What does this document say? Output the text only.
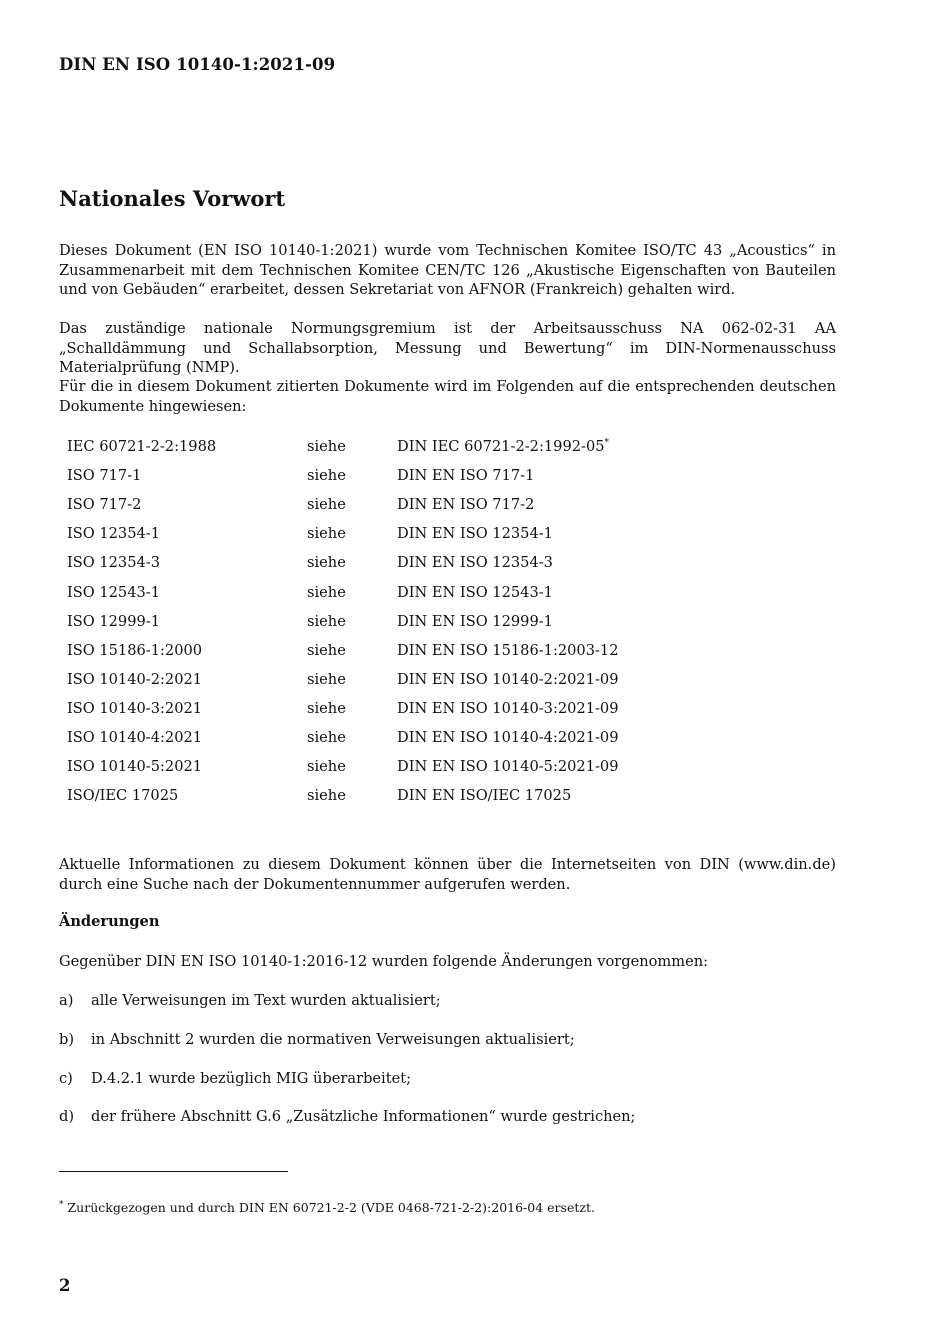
DIN EN ISO 10140-1:2021-09
Nationales Vorwort

Dieses Dokument (EN ISO 10140-1:2021) wurde vom Technischen Komitee ISO/TC 43 „Acoustics“ in Zusammenarbeit mit dem Technischen Komitee CEN/TC 126 „Akustische Eigenschaften von Bauteilen und von Gebäuden“ erarbeitet, dessen Sekretariat von AFNOR (Frankreich) gehalten wird.

Das zuständige nationale Normungsgremium ist der Arbeitsausschuss NA 062-02-31 AA „Schalldämmung und Schallabsorption, Messung und Bewertung“ im DIN-Normenausschuss Materialprüfung (NMP).

Für die in diesem Dokument zitierten Dokumente wird im Folgenden auf die entsprechenden deutschen Dokumente hingewiesen:

IEC 60721-2-2:1988	siehe	DIN IEC 60721-2-2:1992-05*
ISO 717-1	siehe	DIN EN ISO 717-1
ISO 717-2	siehe	DIN EN ISO 717-2
ISO 12354-1	siehe	DIN EN ISO 12354-1
ISO 12354-3	siehe	DIN EN ISO 12354-3
ISO 12543-1	siehe	DIN EN ISO 12543-1
ISO 12999-1	siehe	DIN EN ISO 12999-1
ISO 15186-1:2000	siehe	DIN EN ISO 15186-1:2003-12
ISO 10140-2:2021	siehe	DIN EN ISO 10140-2:2021-09
ISO 10140-3:2021	siehe	DIN EN ISO 10140-3:2021-09
ISO 10140-4:2021	siehe	DIN EN ISO 10140-4:2021-09
ISO 10140-5:2021	siehe	DIN EN ISO 10140-5:2021-09
ISO/IEC 17025	siehe	DIN EN ISO/IEC 17025

Aktuelle Informationen zu diesem Dokument können über die Internetseiten von DIN (www.din.de) durch eine Suche nach der Dokumentennummer aufgerufen werden.

Änderungen
Gegenüber DIN EN ISO 10140-1:2016-12 wurden folgende Änderungen vorgenommen:
a) alle Verweisungen im Text wurden aktualisiert;
b) in Abschnitt 2 wurden die normativen Verweisungen aktualisiert;
c) D.4.2.1 wurde bezüglich MIG überarbeitet;
d) der frühere Abschnitt G.6 „Zusätzliche Informationen“ wurde gestrichen;
* Zurückgezogen und durch DIN EN 60721-2-2 (VDE 0468-721-2-2):2016-04 ersetzt.
2
